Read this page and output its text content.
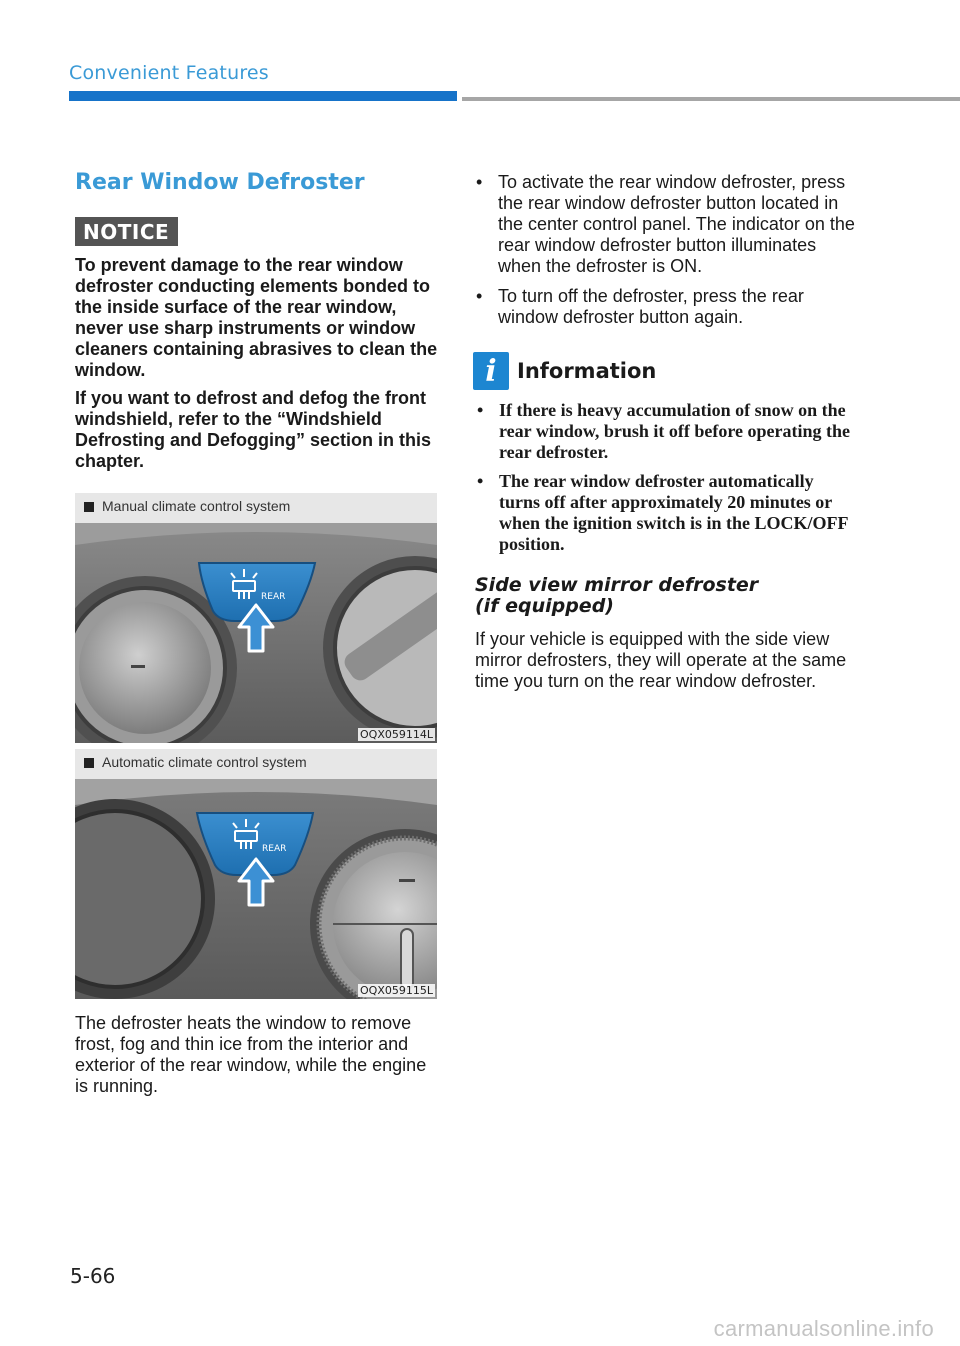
Convenient Features
Rear Window Defroster
NOTICE

To prevent damage to the rear window defroster conducting elements bonded to the inside surface of the rear window, never use sharp instruments or window cleaners containing abrasives to clean the window.

If you want to defrost and defog the front windshield, refer to the “Windshield Defrosting and Defogging” section in this chapter.

Manual climate control system
REAR
OQX059114L
Automatic climate control system
REAR
OQX059115L

The defroster heats the window to remove frost, fog and thin ice from the interior and exterior of the rear window, while the engine is running.

• To activate the rear window defroster, press the rear window defroster button located in the center control panel. The indicator on the rear window defroster button illuminates when the defroster is ON.
• To turn off the defroster, press the rear window defroster button again.
i Information
• If there is heavy accumulation of snow on the rear window, brush it off before operating the rear defroster.
• The rear window defroster automatically turns off after approximately 20 minutes or when the ignition switch is in the LOCK/OFF position.
Side view mirror defroster
(if equipped)

If your vehicle is equipped with the side view mirror defrosters, they will operate at the same time you turn on the rear window defroster.

5-66
carmanualsonline.info
